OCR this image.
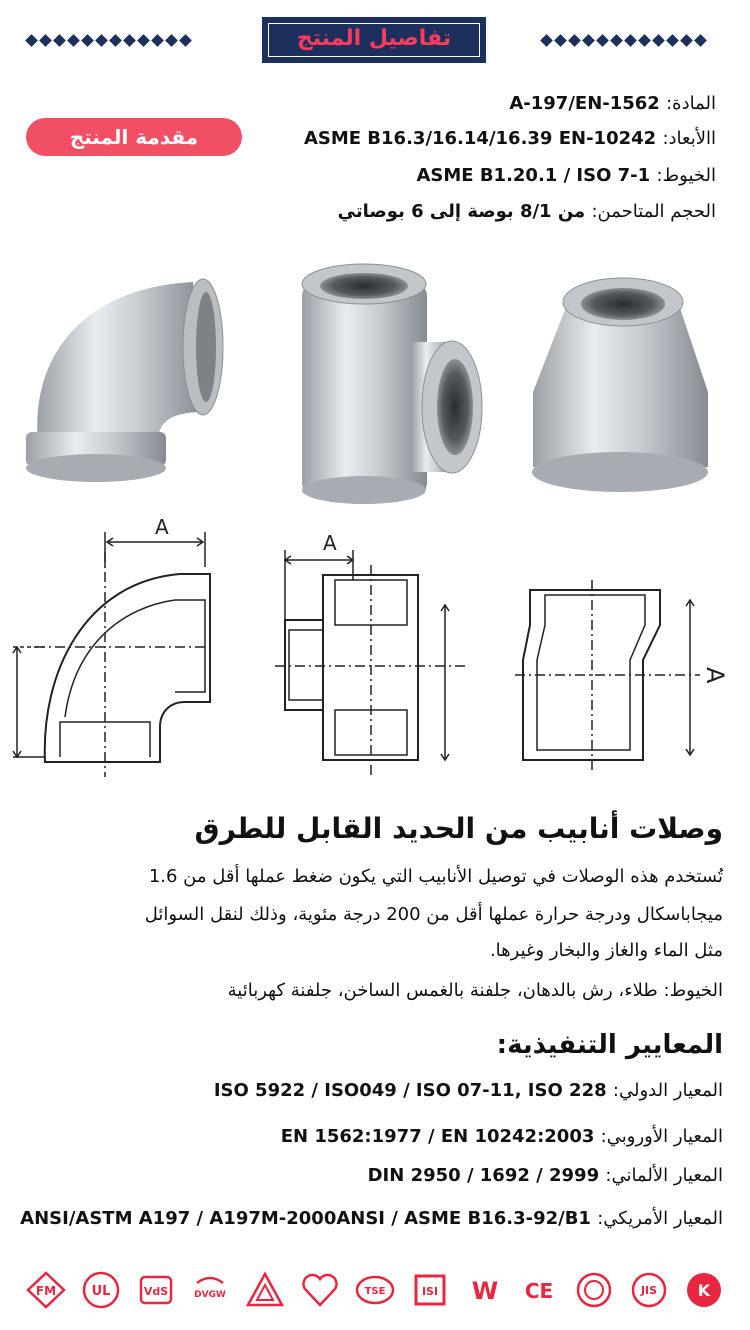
تفاصيل المنتج
مقدمة المنتج
المادة: A-197/EN-1562
االأبعاد: ASME B16.3/16.14/16.39 EN-10242
الخيوط: ASME B1.20.1 / ISO 7-1
الحجم المتاحمن: من 8/1 بوصة إلى 6 بوصاتي
A
A
A
وصلات أنابيب من الحديد القابل للطرق
تُستخدم هذه الوصلات في توصيل الأنابيب التي يكون ضغط عملها أقل من 1.6
ميجاباسكال ودرجة حرارة عملها أقل من 200 درجة مئوية، وذلك لنقل السوائل
مثل الماء والغاز والبخار وغيرها.
الخيوط: طلاء، رش بالدهان، جلفنة بالغمس الساخن، جلفنة كهربائية
المعايير التنفيذية:
المعيار الدولي: ISO 5922 / ISO049 / ISO 07-11, ISO 228
المعيار الأوروبي: EN 1562:1977 / EN 10242:2003
المعيار الألماني: DIN 2950 / 1692 / 2999
المعيار الأمريكي: ANSI/ASTM A197 / A197M-2000ANSI / ASME B16.3-92/B1
FM	UL	VdS	DVGW	TSE	ISI W CE	JIS	K
